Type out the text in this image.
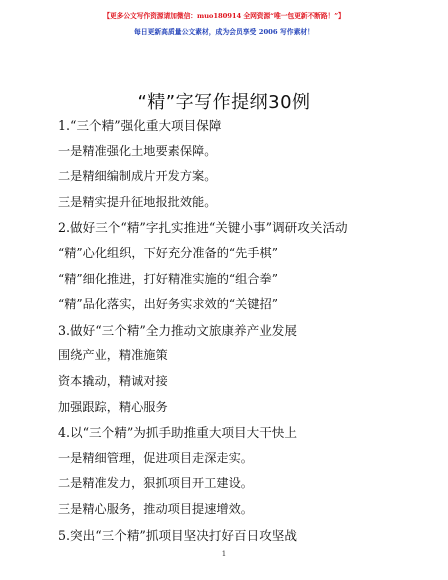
【更多公文写作资源请加微信：muo180914 全网资源“唯一包更新不断路！”】
每日更新高质量公文素材，成为会员享受 2006 写作素材！
“精”字写作提纲30例
1.“三个精”强化重大项目保障
一是精准强化土地要素保障。
二是精细编制成片开发方案。
三是精实提升征地报批效能。
2.做好三个“精”字扎实推进“关键小事”调研攻关活动
“精”心化组织，下好充分准备的“先手棋”
“精”细化推进，打好精准实施的“组合拳”
“精”品化落实，出好务实求效的“关键招”
3.做好“三个精”全力推动文旅康养产业发展
围绕产业，精准施策
资本撬动，精诚对接
加强跟踪，精心服务
4.以“三个精”为抓手助推重大项目大干快上
一是精细管理，促进项目走深走实。
二是精准发力，狠抓项目开工建设。
三是精心服务，推动项目提速增效。
5.突出“三个精”抓项目坚决打好百日攻坚战
1
